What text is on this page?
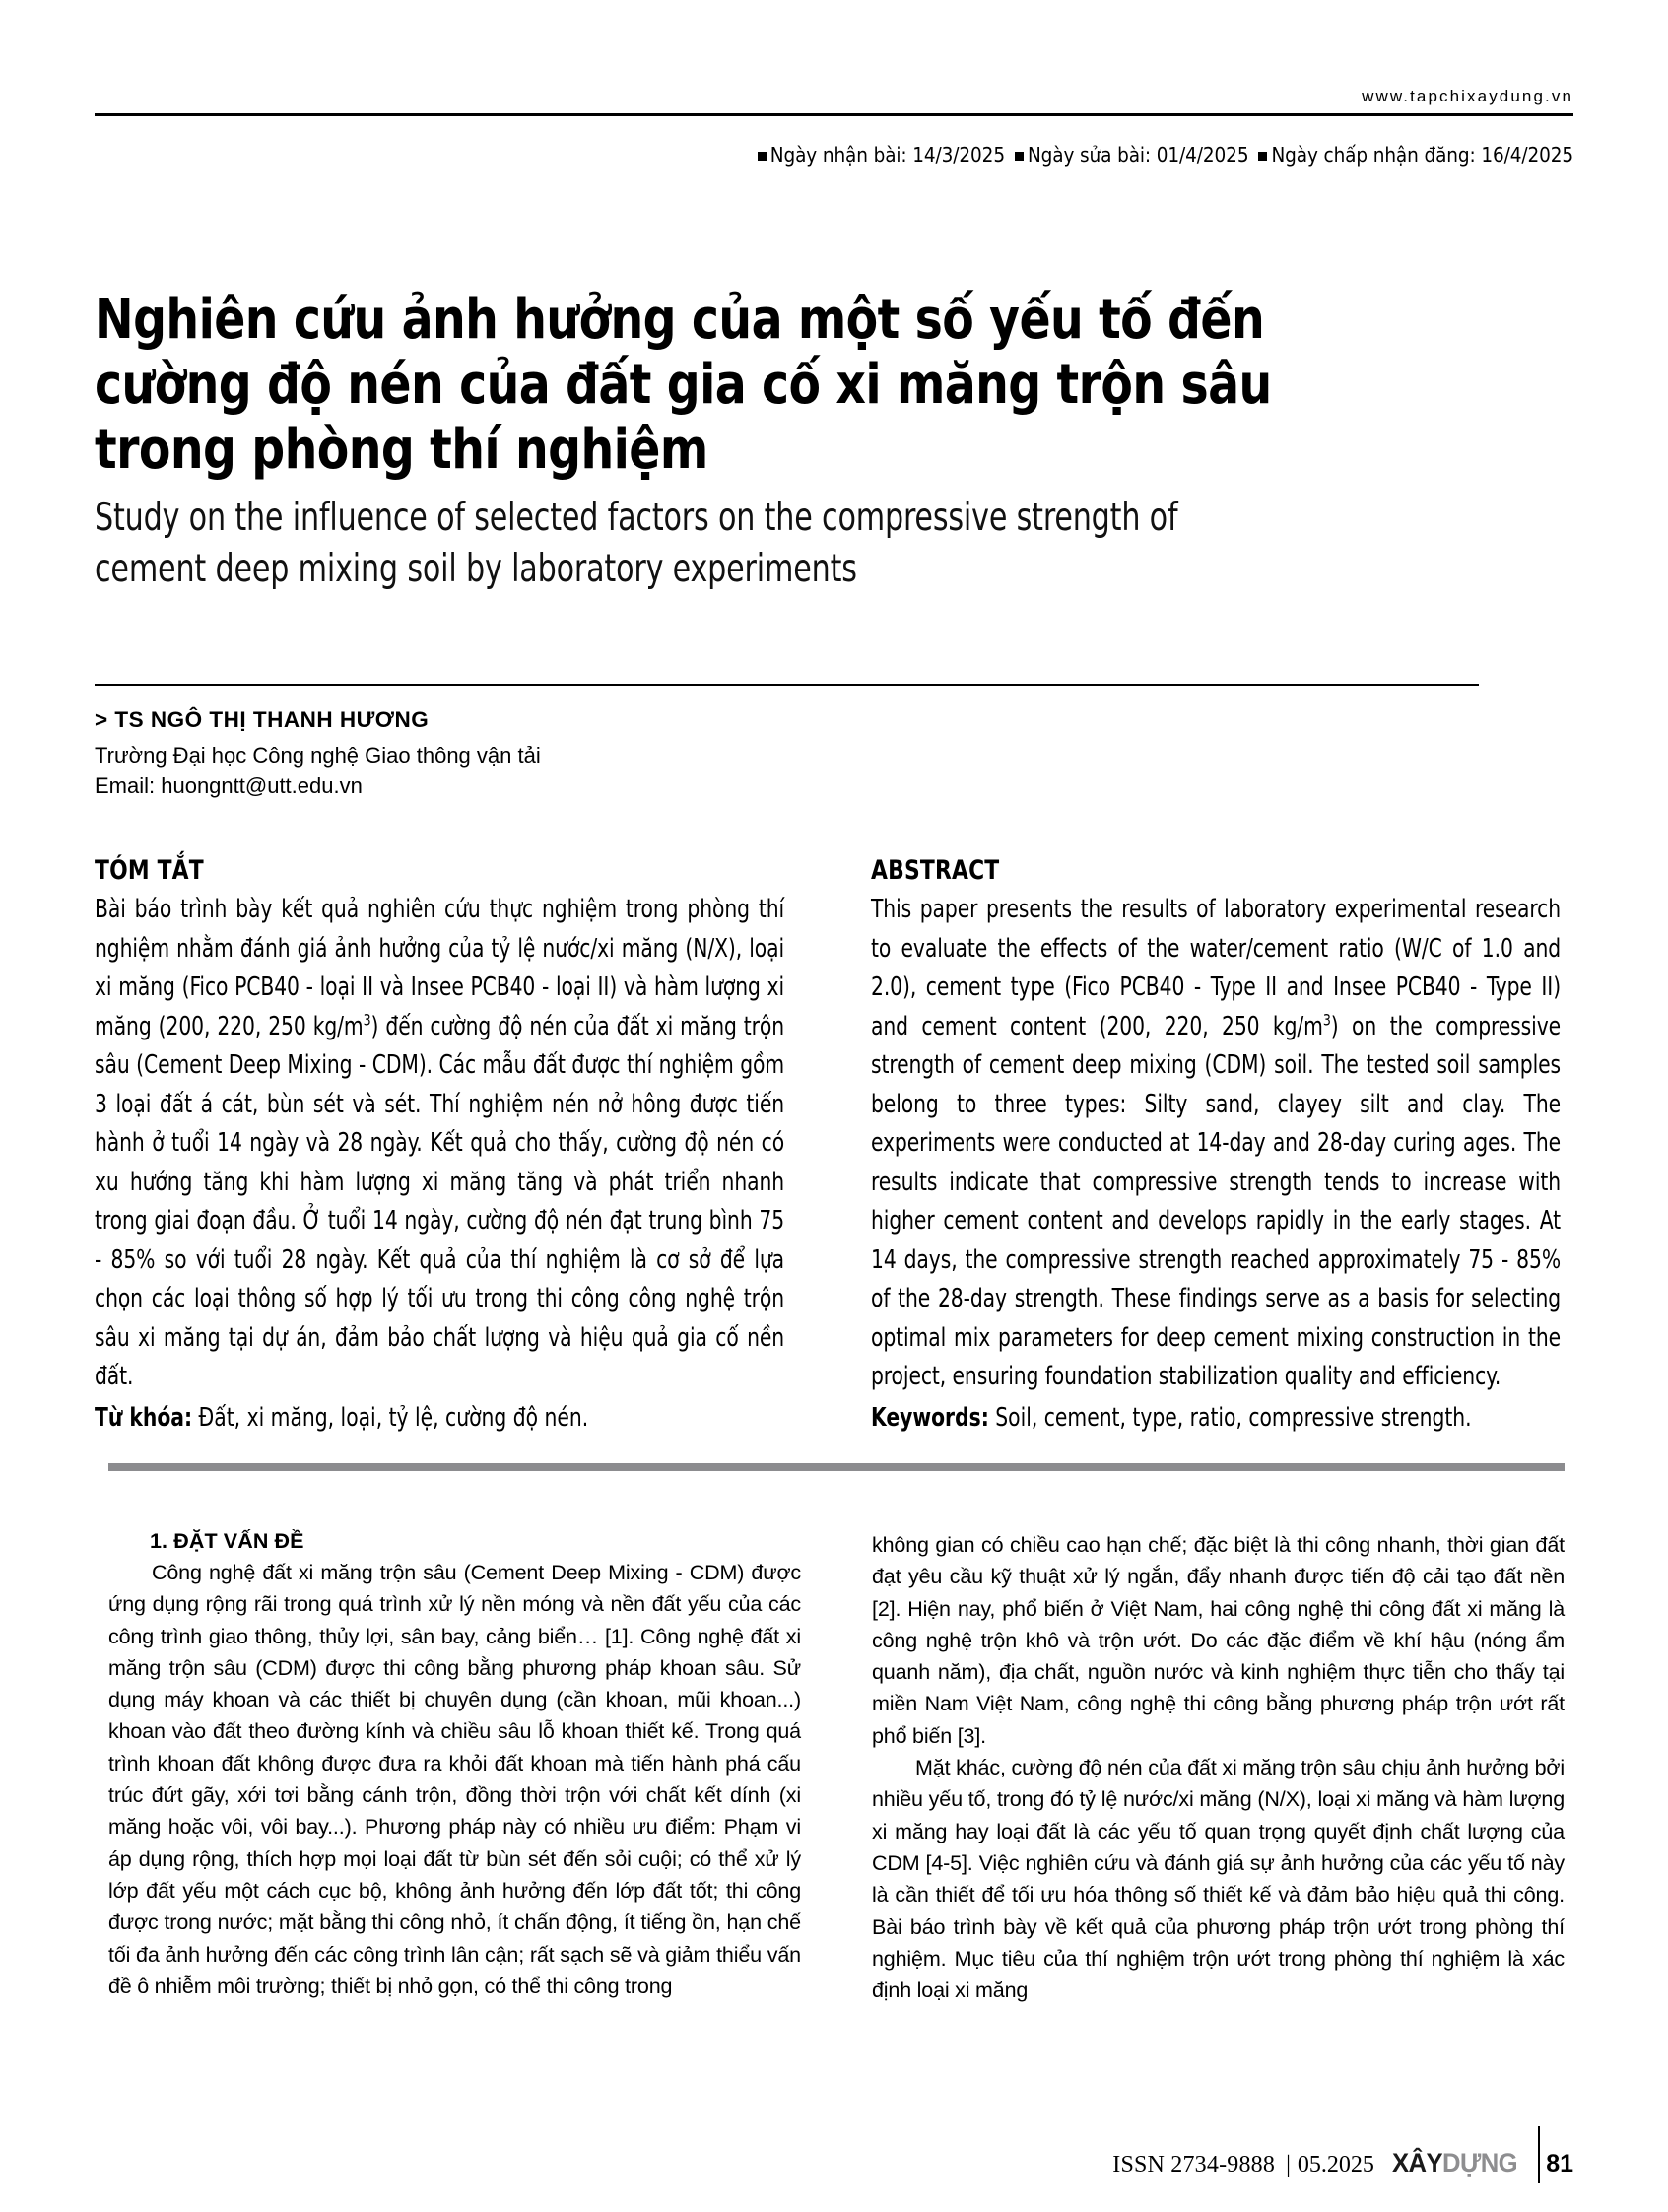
www.tapchixaydung.vn
Ngày nhận bài: 14/3/2025 Ngày sửa bài: 01/4/2025 Ngày chấp nhận đăng: 16/4/2025
Nghiên cứu ảnh hưởng của một số yếu tố đến cường độ nén của đất gia cố xi măng trộn sâu trong phòng thí nghiệm
Study on the influence of selected factors on the compressive strength of cement deep mixing soil by laboratory experiments
> TS NGÔ THỊ THANH HƯƠNG
Trường Đại học Công nghệ Giao thông vận tải
Email: huongntt@utt.edu.vn
TÓM TẮT
Bài báo trình bày kết quả nghiên cứu thực nghiệm trong phòng thí nghiệm nhằm đánh giá ảnh hưởng của tỷ lệ nước/xi măng (N/X), loại xi măng (Fico PCB40 - loại II và Insee PCB40 - loại II) và hàm lượng xi măng (200, 220, 250 $kg/m^3$) đến cường độ nén của đất xi măng trộn sâu (Cement Deep Mixing - CDM). Các mẫu đất được thí nghiệm gồm 3 loại đất á cát, bùn sét và sét. Thí nghiệm nén nở hông được tiến hành ở tuổi 14 ngày và 28 ngày. Kết quả cho thấy, cường độ nén có xu hướng tăng khi hàm lượng xi măng tăng và phát triển nhanh trong giai đoạn đầu. Ở tuổi 14 ngày, cường độ nén đạt trung bình 75 - 85% so với tuổi 28 ngày. Kết quả của thí nghiệm là cơ sở để lựa chọn các loại thông số hợp lý tối ưu trong thi công công nghệ trộn sâu xi măng tại dự án, đảm bảo chất lượng và hiệu quả gia cố nền đất.
Từ khóa: Đất, xi măng, loại, tỷ lệ, cường độ nén.
ABSTRACT
This paper presents the results of laboratory experimental research to evaluate the effects of the water/cement ratio (W/C of 1.0 and 2.0), cement type (Fico PCB40 - Type II and Insee PCB40 - Type II) and cement content (200, 220, 250 $kg/m^3$) on the compressive strength of cement deep mixing (CDM) soil. The tested soil samples belong to three types: Silty sand, clayey silt and clay. The experiments were conducted at 14-day and 28-day curing ages. The results indicate that compressive strength tends to increase with higher cement content and develops rapidly in the early stages. At 14 days, the compressive strength reached approximately 75 - 85% of the 28-day strength. These findings serve as a basis for selecting optimal mix parameters for deep cement mixing construction in the project, ensuring foundation stabilization quality and efficiency.
Keywords: Soil, cement, type, ratio, compressive strength.
1. ĐẶT VẤN ĐỀ

Công nghệ đất xi măng trộn sâu (Cement Deep Mixing - CDM) được ứng dụng rộng rãi trong quá trình xử lý nền móng và nền đất yếu của các công trình giao thông, thủy lợi, sân bay, cảng biển… [1]. Công nghệ đất xi măng trộn sâu (CDM) được thi công bằng phương pháp khoan sâu. Sử dụng máy khoan và các thiết bị chuyên dụng (cần khoan, mũi khoan...) khoan vào đất theo đường kính và chiều sâu lỗ khoan thiết kế. Trong quá trình khoan đất không được đưa ra khỏi đất khoan mà tiến hành phá cấu trúc đứt gãy, xới tơi bằng cánh trộn, đồng thời trộn với chất kết dính (xi măng hoặc vôi, vôi bay...). Phương pháp này có nhiều ưu điểm: Phạm vi áp dụng rộng, thích hợp mọi loại đất từ bùn sét đến sỏi cuội; có thể xử lý lớp đất yếu một cách cục bộ, không ảnh hưởng đến lớp đất tốt; thi công được trong nước; mặt bằng thi công nhỏ, ít chấn động, ít tiếng ồn, hạn chế tối đa ảnh hưởng đến các công trình lân cận; rất sạch sẽ và giảm thiểu vấn đề ô nhiễm môi trường; thiết bị nhỏ gọn, có thể thi công trong

không gian có chiều cao hạn chế; đặc biệt là thi công nhanh, thời gian đất đạt yêu cầu kỹ thuật xử lý ngắn, đẩy nhanh được tiến độ cải tạo đất nền [2]. Hiện nay, phổ biến ở Việt Nam, hai công nghệ thi công đất xi măng là công nghệ trộn khô và trộn ướt. Do các đặc điểm về khí hậu (nóng ẩm quanh năm), địa chất, nguồn nước và kinh nghiệm thực tiễn cho thấy tại miền Nam Việt Nam, công nghệ thi công bằng phương pháp trộn ướt rất phổ biến [3].

Mặt khác, cường độ nén của đất xi măng trộn sâu chịu ảnh hưởng bởi nhiều yếu tố, trong đó tỷ lệ nước/xi măng (N/X), loại xi măng và hàm lượng xi măng hay loại đất là các yếu tố quan trọng quyết định chất lượng của CDM [4-5]. Việc nghiên cứu và đánh giá sự ảnh hưởng của các yếu tố này là cần thiết để tối ưu hóa thông số thiết kế và đảm bảo hiệu quả thi công. Bài báo trình bày về kết quả của phương pháp trộn ướt trong phòng thí nghiệm. Mục tiêu của thí nghiệm trộn ướt trong phòng thí nghiệm là xác định loại xi măng

ISSN 2734-9888 | 05.2025 XÂYDỰNG 81
